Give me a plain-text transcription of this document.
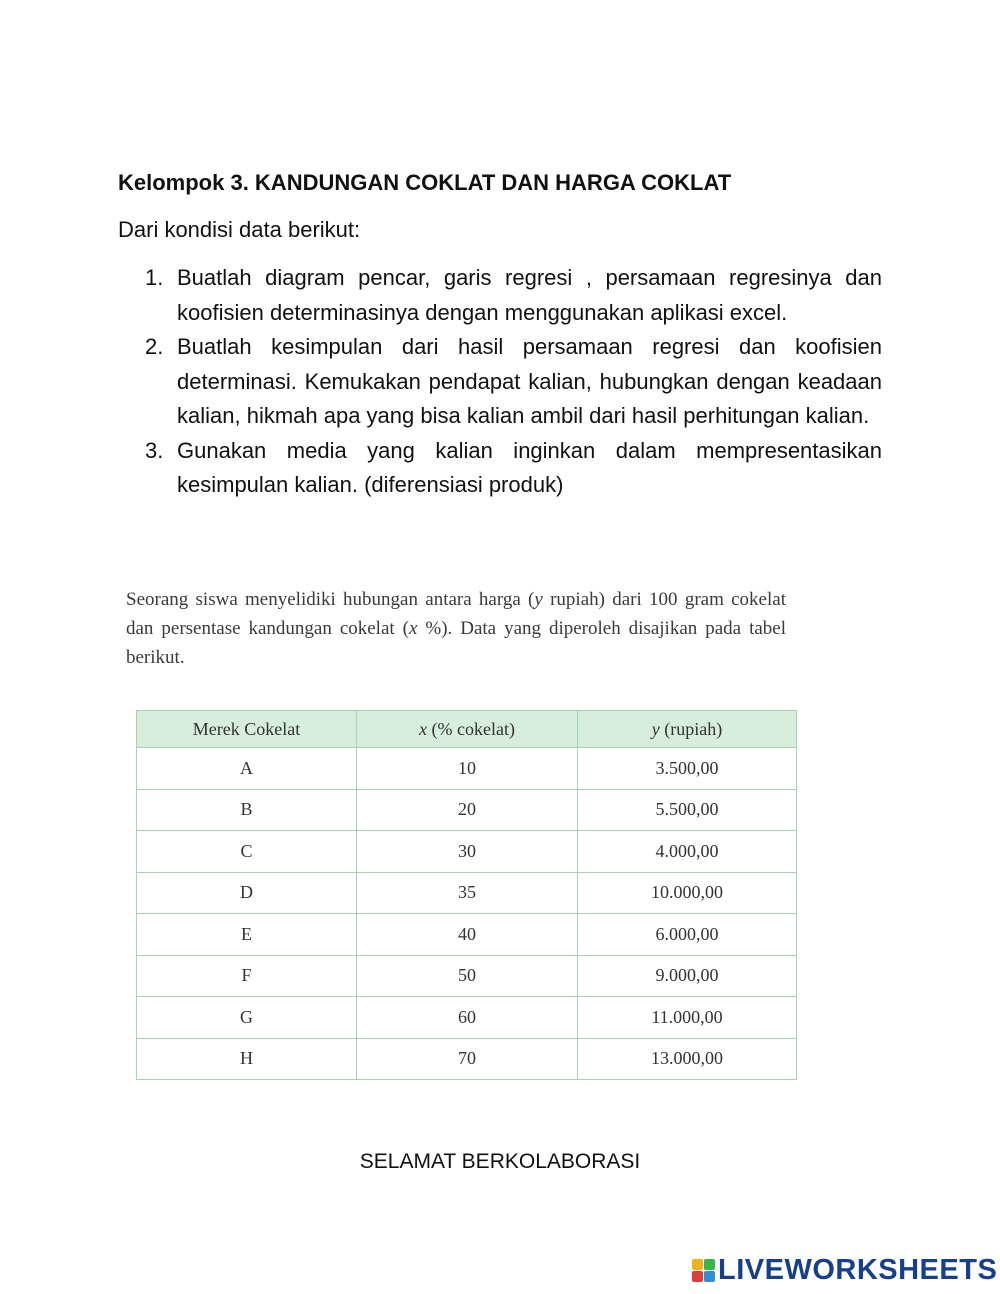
Kelompok 3. KANDUNGAN COKLAT DAN HARGA COKLAT
Dari kondisi data berikut:
1. Buatlah diagram pencar, garis regresi , persamaan regresinya dan koofisien determinasinya dengan menggunakan aplikasi excel.
2. Buatlah kesimpulan dari hasil persamaan regresi dan koofisien determinasi. Kemukakan pendapat kalian, hubungkan dengan keadaan kalian, hikmah apa yang bisa kalian ambil dari hasil perhitungan kalian.
3. Gunakan media yang kalian inginkan dalam mempresentasikan kesimpulan kalian. (diferensiasi produk)
Seorang siswa menyelidiki hubungan antara harga (y rupiah) dari 100 gram cokelat dan persentase kandungan cokelat (x %). Data yang diperoleh disajikan pada tabel berikut.
Merek Cokelat	x (% cokelat)	y (rupiah)
A	10	3.500,00
B	20	5.500,00
C	30	4.000,00
D	35	10.000,00
E	40	6.000,00
F	50	9.000,00
G	60	11.000,00
H	70	13.000,00
SELAMAT BERKOLABORASI
LIVEWORKSHEETS
